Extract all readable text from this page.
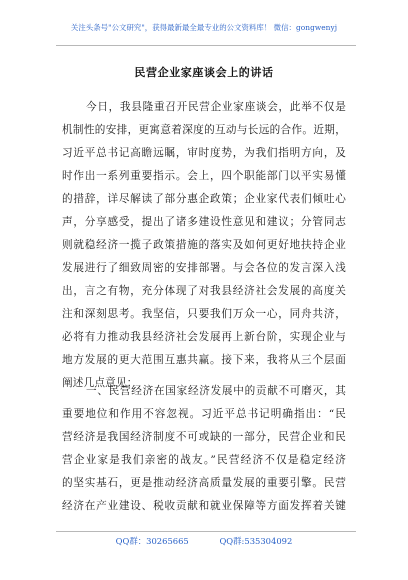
关注头条号"公文研究"，获得最新最全最专业的公文资料库！ 微信：gongwenyj
民营企业家座谈会上的讲话
今日，我县隆重召开民营企业家座谈会，此举不仅是
机制性的安排，更寓意着深度的互动与长远的合作。近期，
习近平总书记高瞻远瞩，审时度势，为我们指明方向，及
时作出一系列重要指示。会上，四个职能部门以平实易懂
的措辞，详尽解读了部分惠企政策；企业家代表们倾吐心
声，分享感受，提出了诸多建设性意见和建议；分管同志
则就稳经济一揽子政策措施的落实及如何更好地扶持企业
发展进行了细致周密的安排部署。与会各位的发言深入浅
出，言之有物，充分体现了对我县经济社会发展的高度关
注和深刻思考。我坚信，只要我们万众一心，同舟共济，
必将有力推动我县经济社会发展再上新台阶，实现企业与
地方发展的更大范围互惠共赢。接下来，我将从三个层面
阐述几点意见：
一、民营经济在国家经济发展中的贡献不可磨灭，其
重要地位和作用不容忽视。习近平总书记明确指出：“民
营经济是我国经济制度不可或缺的一部分，民营企业和民
营企业家是我们亲密的战友。”民营经济不仅是稳定经济
的坚实基石，更是推动经济高质量发展的重要引擎。民营
经济在产业建设、税收贡献和就业保障等方面发挥着关键
QQ群：30265665	QQ群:535304092
